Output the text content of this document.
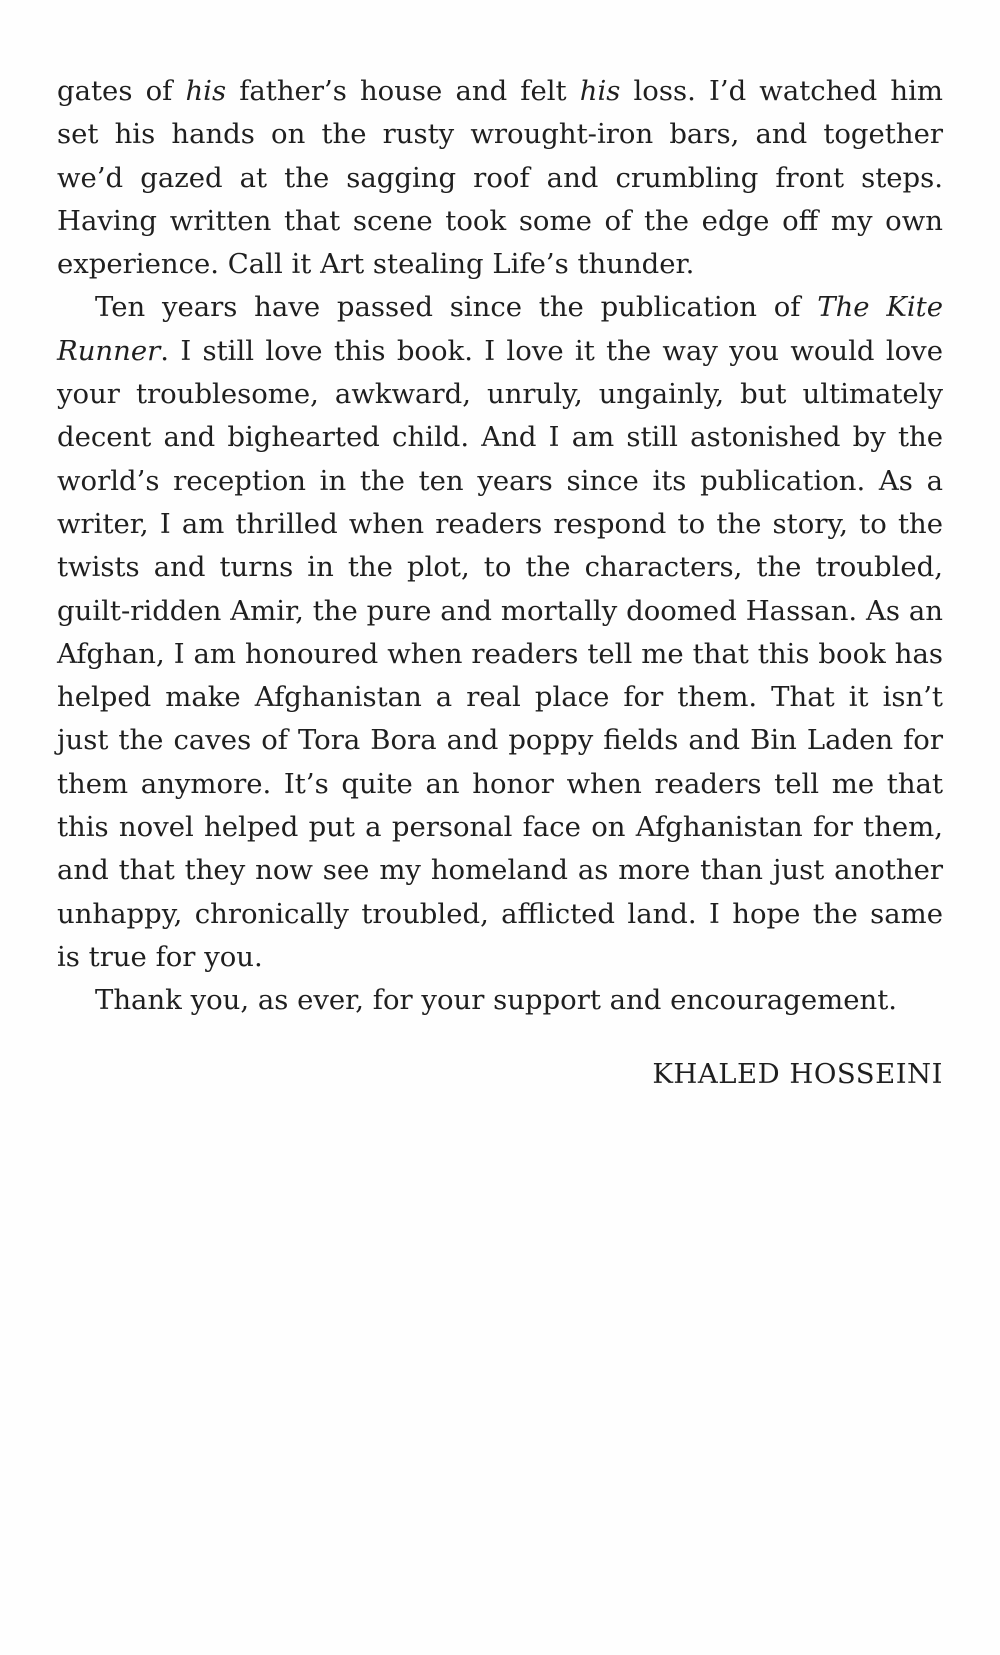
gates of his father’s house and felt his loss. I’d watched him set his hands on the rusty wrought-iron bars, and together we’d gazed at the sagging roof and crumbling front steps. Having written that scene took some of the edge off my own experience. Call it Art stealing Life’s thunder.

Ten years have passed since the publication of The Kite Runner. I still love this book. I love it the way you would love your troublesome, awkward, unruly, ungainly, but ultimately decent and bighearted child. And I am still astonished by the world’s reception in the ten years since its publication. As a writer, I am thrilled when readers respond to the story, to the twists and turns in the plot, to the characters, the troubled, guilt-ridden Amir, the pure and mortally doomed Hassan. As an Afghan, I am honoured when readers tell me that this book has helped make Afghanistan a real place for them. That it isn’t just the caves of Tora Bora and poppy fields and Bin Laden for them anymore. It’s quite an honor when readers tell me that this novel helped put a personal face on Afghanistan for them, and that they now see my homeland as more than just another unhappy, chronically troubled, afflicted land. I hope the same is true for you.

Thank you, as ever, for your support and encouragement.

KHALED HOSSEINI
